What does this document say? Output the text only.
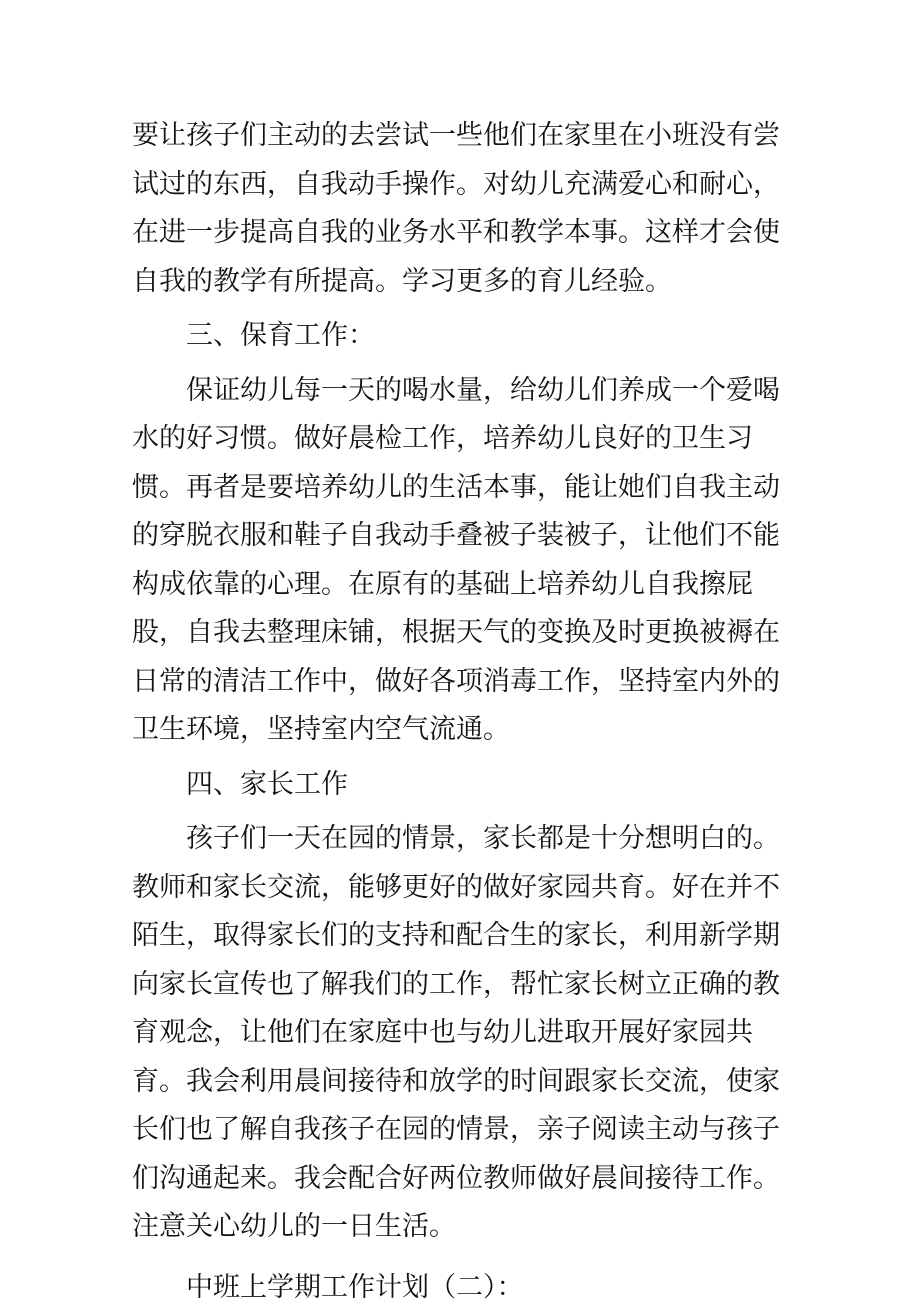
要让孩子们主动的去尝试一些他们在家里在小班没有尝试过的东西，自我动手操作。对幼儿充满爱心和耐心，在进一步提高自我的业务水平和教学本事。这样才会使自我的教学有所提高。学习更多的育儿经验。

三、保育工作：

保证幼儿每一天的喝水量，给幼儿们养成一个爱喝水的好习惯。做好晨检工作，培养幼儿良好的卫生习惯。再者是要培养幼儿的生活本事，能让她们自我主动的穿脱衣服和鞋子自我动手叠被子装被子，让他们不能构成依靠的心理。在原有的基础上培养幼儿自我擦屁股，自我去整理床铺，根据天气的变换及时更换被褥在日常的清洁工作中，做好各项消毒工作，坚持室内外的卫生环境，坚持室内空气流通。

四、家长工作

孩子们一天在园的情景，家长都是十分想明白的。教师和家长交流，能够更好的做好家园共育。好在并不陌生，取得家长们的支持和配合生的家长，利用新学期向家长宣传也了解我们的工作，帮忙家长树立正确的教育观念，让他们在家庭中也与幼儿进取开展好家园共育。我会利用晨间接待和放学的时间跟家长交流，使家长们也了解自我孩子在园的情景，亲子阅读主动与孩子们沟通起来。我会配合好两位教师做好晨间接待工作。注意关心幼儿的一日生活。

中班上学期工作计划（二）：
